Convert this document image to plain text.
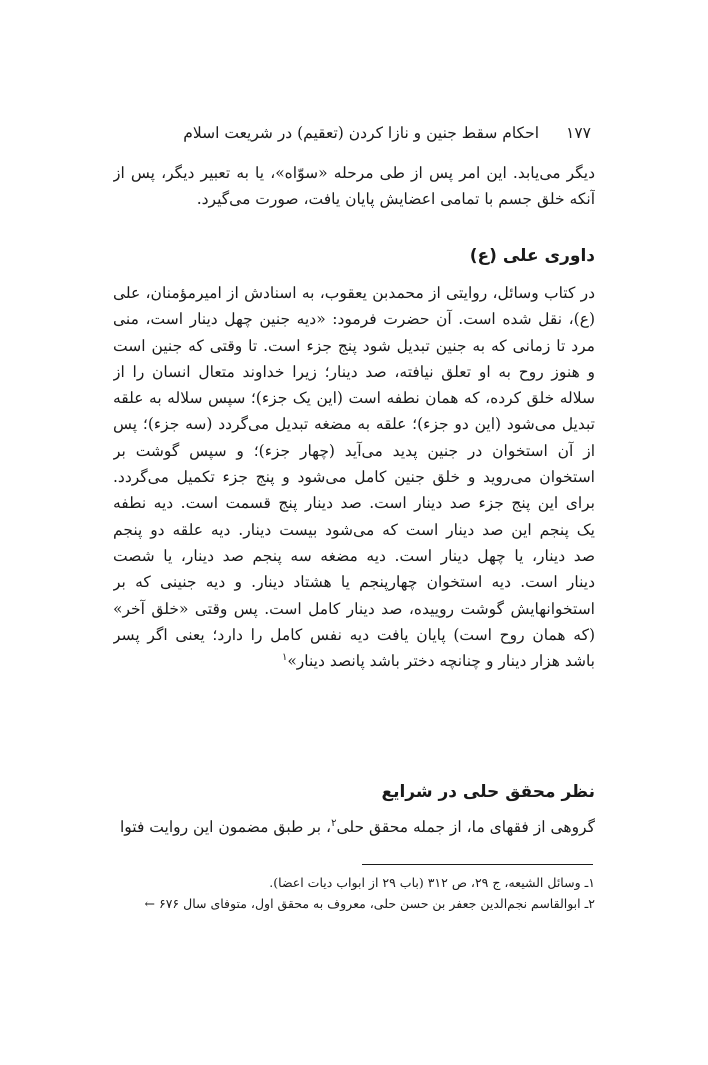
۱۷۷
احکام سقط جنین و نازا کردن (تعقیم) در شریعت اسلام
دیگر می‌یابد. این امر پس از طی مرحله «سوّاه»، یا به تعبیر دیگر، پس از
آنکه خلق جسم با تمامی اعضایش پایان یافت، صورت می‌گیرد.
داوری علی (ع)
در کتاب وسائل، روایتی از محمدبن یعقوب، به اسنادش از امیرمؤمنان، علی
(ع)، نقل شده است. آن حضرت فرمود: «دیه جنین چهل دینار است، منی
مرد تا زمانی که به جنین تبدیل شود پنج جزء است. تا وقتی که جنین است
و هنوز روح به او تعلق نیافته، صد دینار؛ زیرا خداوند متعال انسان را از
سلاله خلق کرده، که همان نطفه است (این یک جزء)؛ سپس سلاله به علقه
تبدیل می‌شود (این دو جزء)؛ علقه به مضغه تبدیل می‌گردد (سه جزء)؛ پس
از آن استخوان در جنین پدید می‌آید (چهار جزء)؛ و سپس گوشت بر
استخوان می‌روید و خلق جنین کامل می‌شود و پنج جزء تکمیل می‌گردد.
برای این پنج جزء صد دینار است. صد دینار پنج قسمت است. دیه نطفه
یک پنجم این صد دینار است که می‌شود بیست دینار. دیه علقه دو پنجم
صد دینار، یا چهل دینار است. دیه مضغه سه پنجم صد دینار، یا شصت
دینار است. دیه استخوان چهارپنجم یا هشتاد دینار. و دیه جنینی که بر
استخوانهایش گوشت روییده، صد دینار کامل است. پس وقتی «خلق آخر»
(که همان روح است) پایان یافت دیه نفس کامل را دارد؛ یعنی اگر پسر
باشد هزار دینار و چنانچه دختر باشد پانصد دینار»$^۱$
نظر محقق حلی در شرایع
گروهی از فقهای ما، از جمله محقق حلی$^۲$، بر طبق مضمون این روایت فتوا
۱ـ وسائل الشیعه، ج ۲۹، ص ۳۱۲ (باب ۲۹ از ابواب دیات اعضا).
۲ـ ابوالقاسم نجم‌الدین جعفر بن حسن حلی، معروف به محقق اول، متوفای سال ۶۷۶ ←
